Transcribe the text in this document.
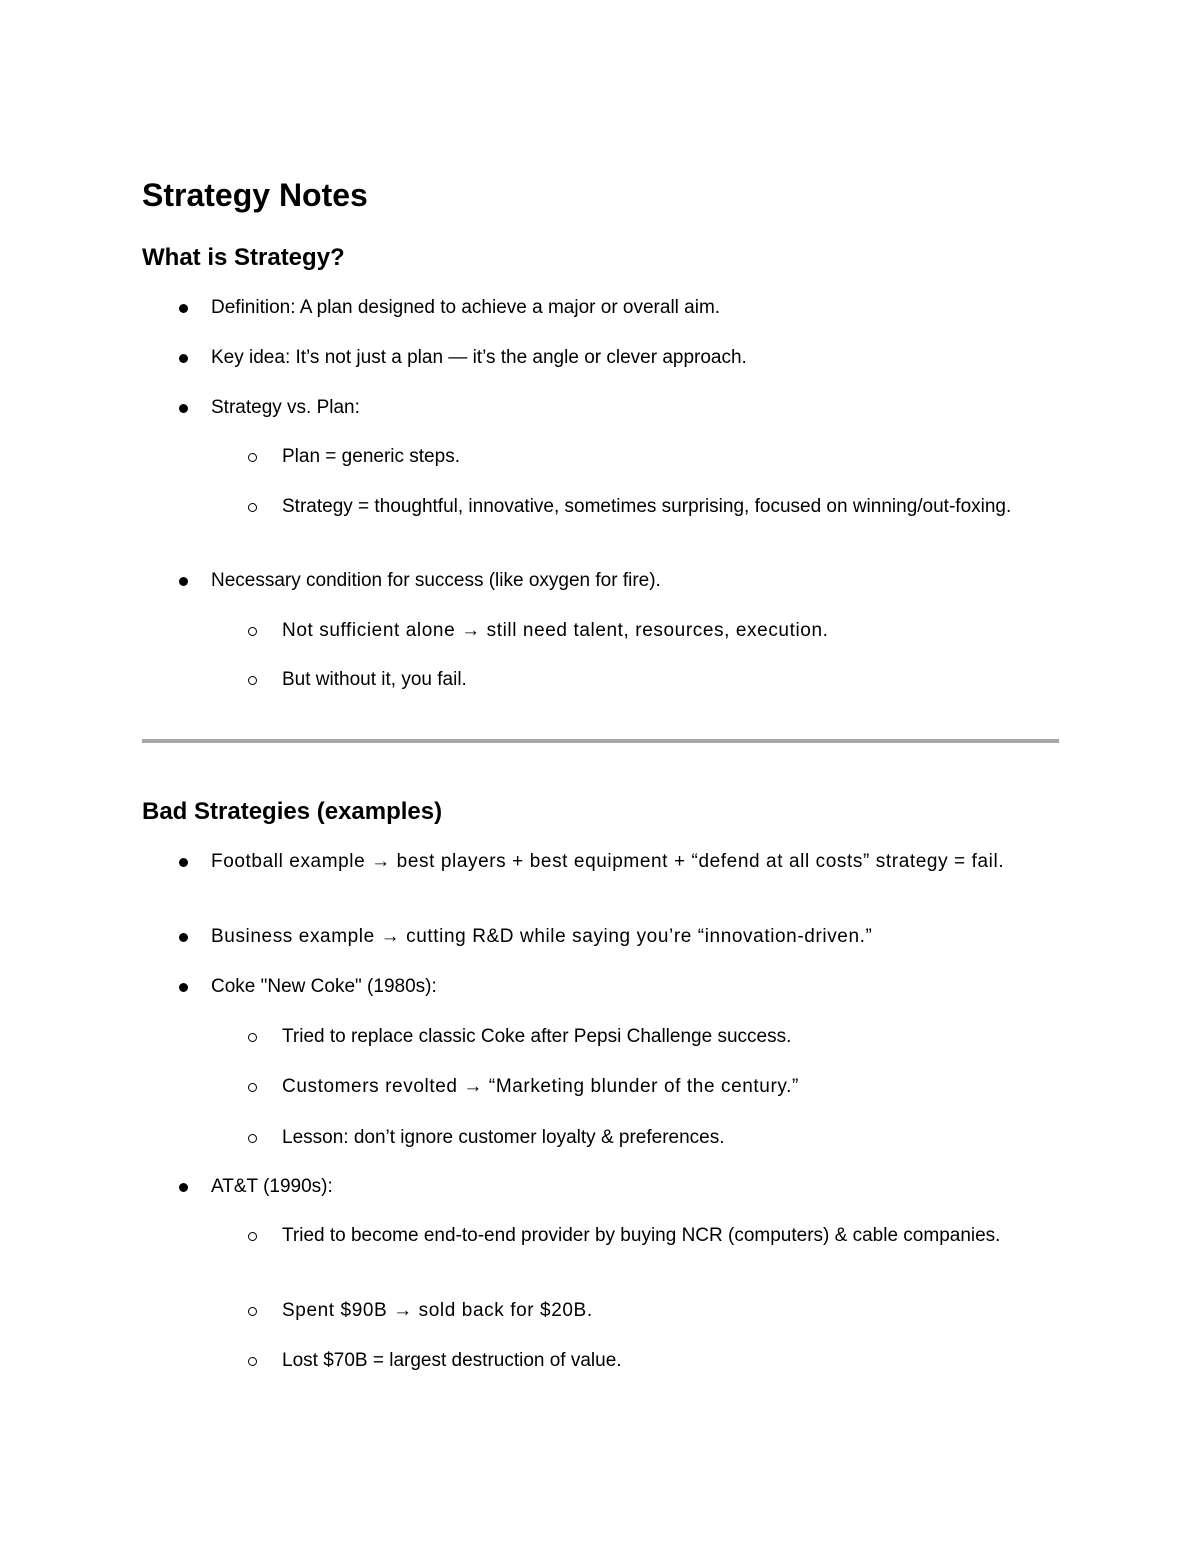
Strategy Notes
What is Strategy?
Definition: A plan designed to achieve a major or overall aim.
Key idea: It’s not just a plan — it’s the angle or clever approach.
Strategy vs. Plan:
Plan = generic steps.
Strategy = thoughtful, innovative, sometimes surprising, focused on winning/out-foxing.
Necessary condition for success (like oxygen for fire).
Not sufficient alone → still need talent, resources, execution.
But without it, you fail.
Bad Strategies (examples)
Football example → best players + best equipment + “defend at all costs” strategy = fail.
Business example → cutting R&D while saying you’re “innovation-driven.”
Coke "New Coke" (1980s):
Tried to replace classic Coke after Pepsi Challenge success.
Customers revolted → “Marketing blunder of the century.”
Lesson: don’t ignore customer loyalty & preferences.
AT&T (1990s):
Tried to become end-to-end provider by buying NCR (computers) & cable companies.
Spent $90B → sold back for $20B.
Lost $70B = largest destruction of value.
